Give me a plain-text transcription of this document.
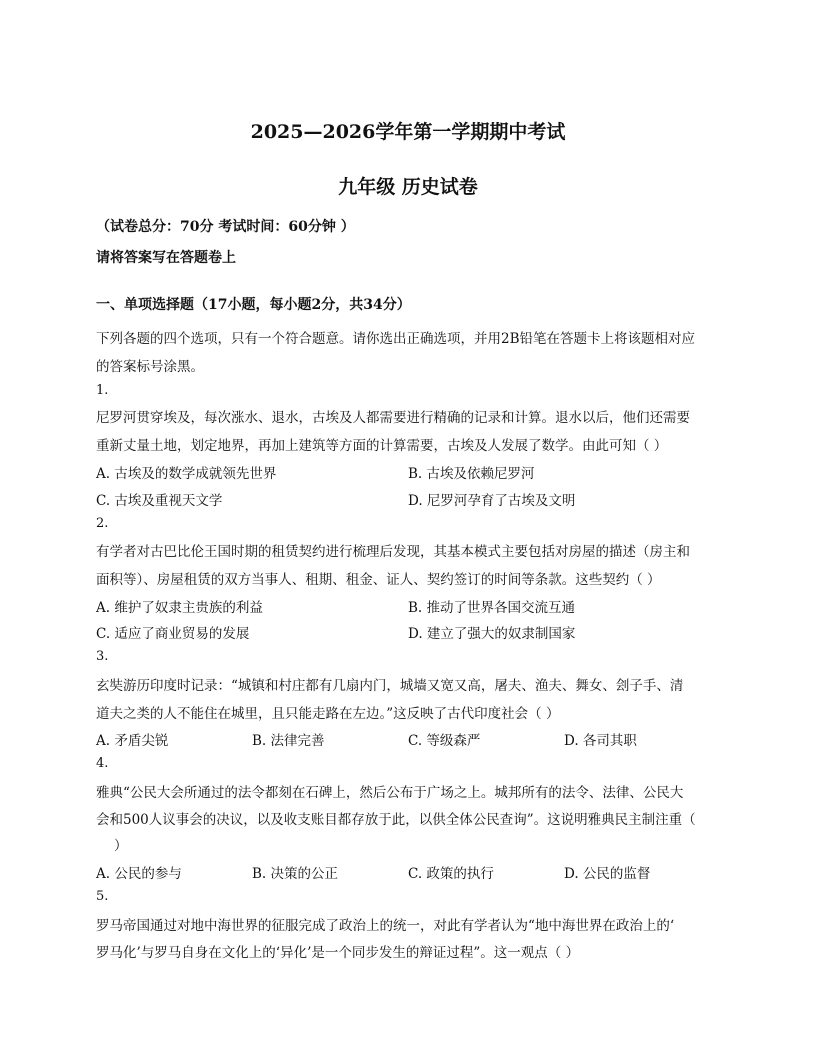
2025—2026学年第一学期期中考试
九年级 历史试卷
（试卷总分：70分 考试时间：60分钟 ）
请将答案写在答题卷上
一、单项选择题（17小题，每小题2分，共34分）
下列各题的四个选项，只有一个符合题意。请你选出正确选项，并用2B铅笔在答题卡上将该题相对应
的答案标号涂黑。
1.
尼罗河贯穿埃及，每次涨水、退水，古埃及人都需要进行精确的记录和计算。退水以后，他们还需要
重新丈量土地，划定地界，再加上建筑等方面的计算需要，古埃及人发展了数学。由此可知（ ）
A. 古埃及的数学成就领先世界	B. 古埃及依赖尼罗河
C. 古埃及重视天文学	D. 尼罗河孕育了古埃及文明
2.
有学者对古巴比伦王国时期的租赁契约进行梳理后发现，其基本模式主要包括对房屋的描述（房主和
面积等）、房屋租赁的双方当事人、租期、租金、证人、契约签订的时间等条款。这些契约（ ）
A. 维护了奴隶主贵族的利益	B. 推动了世界各国交流互通
C. 适应了商业贸易的发展	D. 建立了强大的奴隶制国家
3.
玄奘游历印度时记录：“城镇和村庄都有几扇内门，城墙又宽又高，屠夫、渔夫、舞女、刽子手、清
道夫之类的人不能住在城里，且只能走路在左边。”这反映了古代印度社会（ ）
A. 矛盾尖锐	B. 法律完善	C. 等级森严	D. 各司其职
4.
雅典“公民大会所通过的法令都刻在石碑上，然后公布于广场之上。城邦所有的法令、法律、公民大
会和500人议事会的决议，以及收支账目都存放于此，以供全体公民查询”。这说明雅典民主制注重（
）
A. 公民的参与	B. 决策的公正	C. 政策的执行	D. 公民的监督
5.
罗马帝国通过对地中海世界的征服完成了政治上的统一，对此有学者认为“地中海世界在政治上的‘
罗马化’与罗马自身在文化上的‘异化’是一个同步发生的辩证过程”。这一观点（ ）
